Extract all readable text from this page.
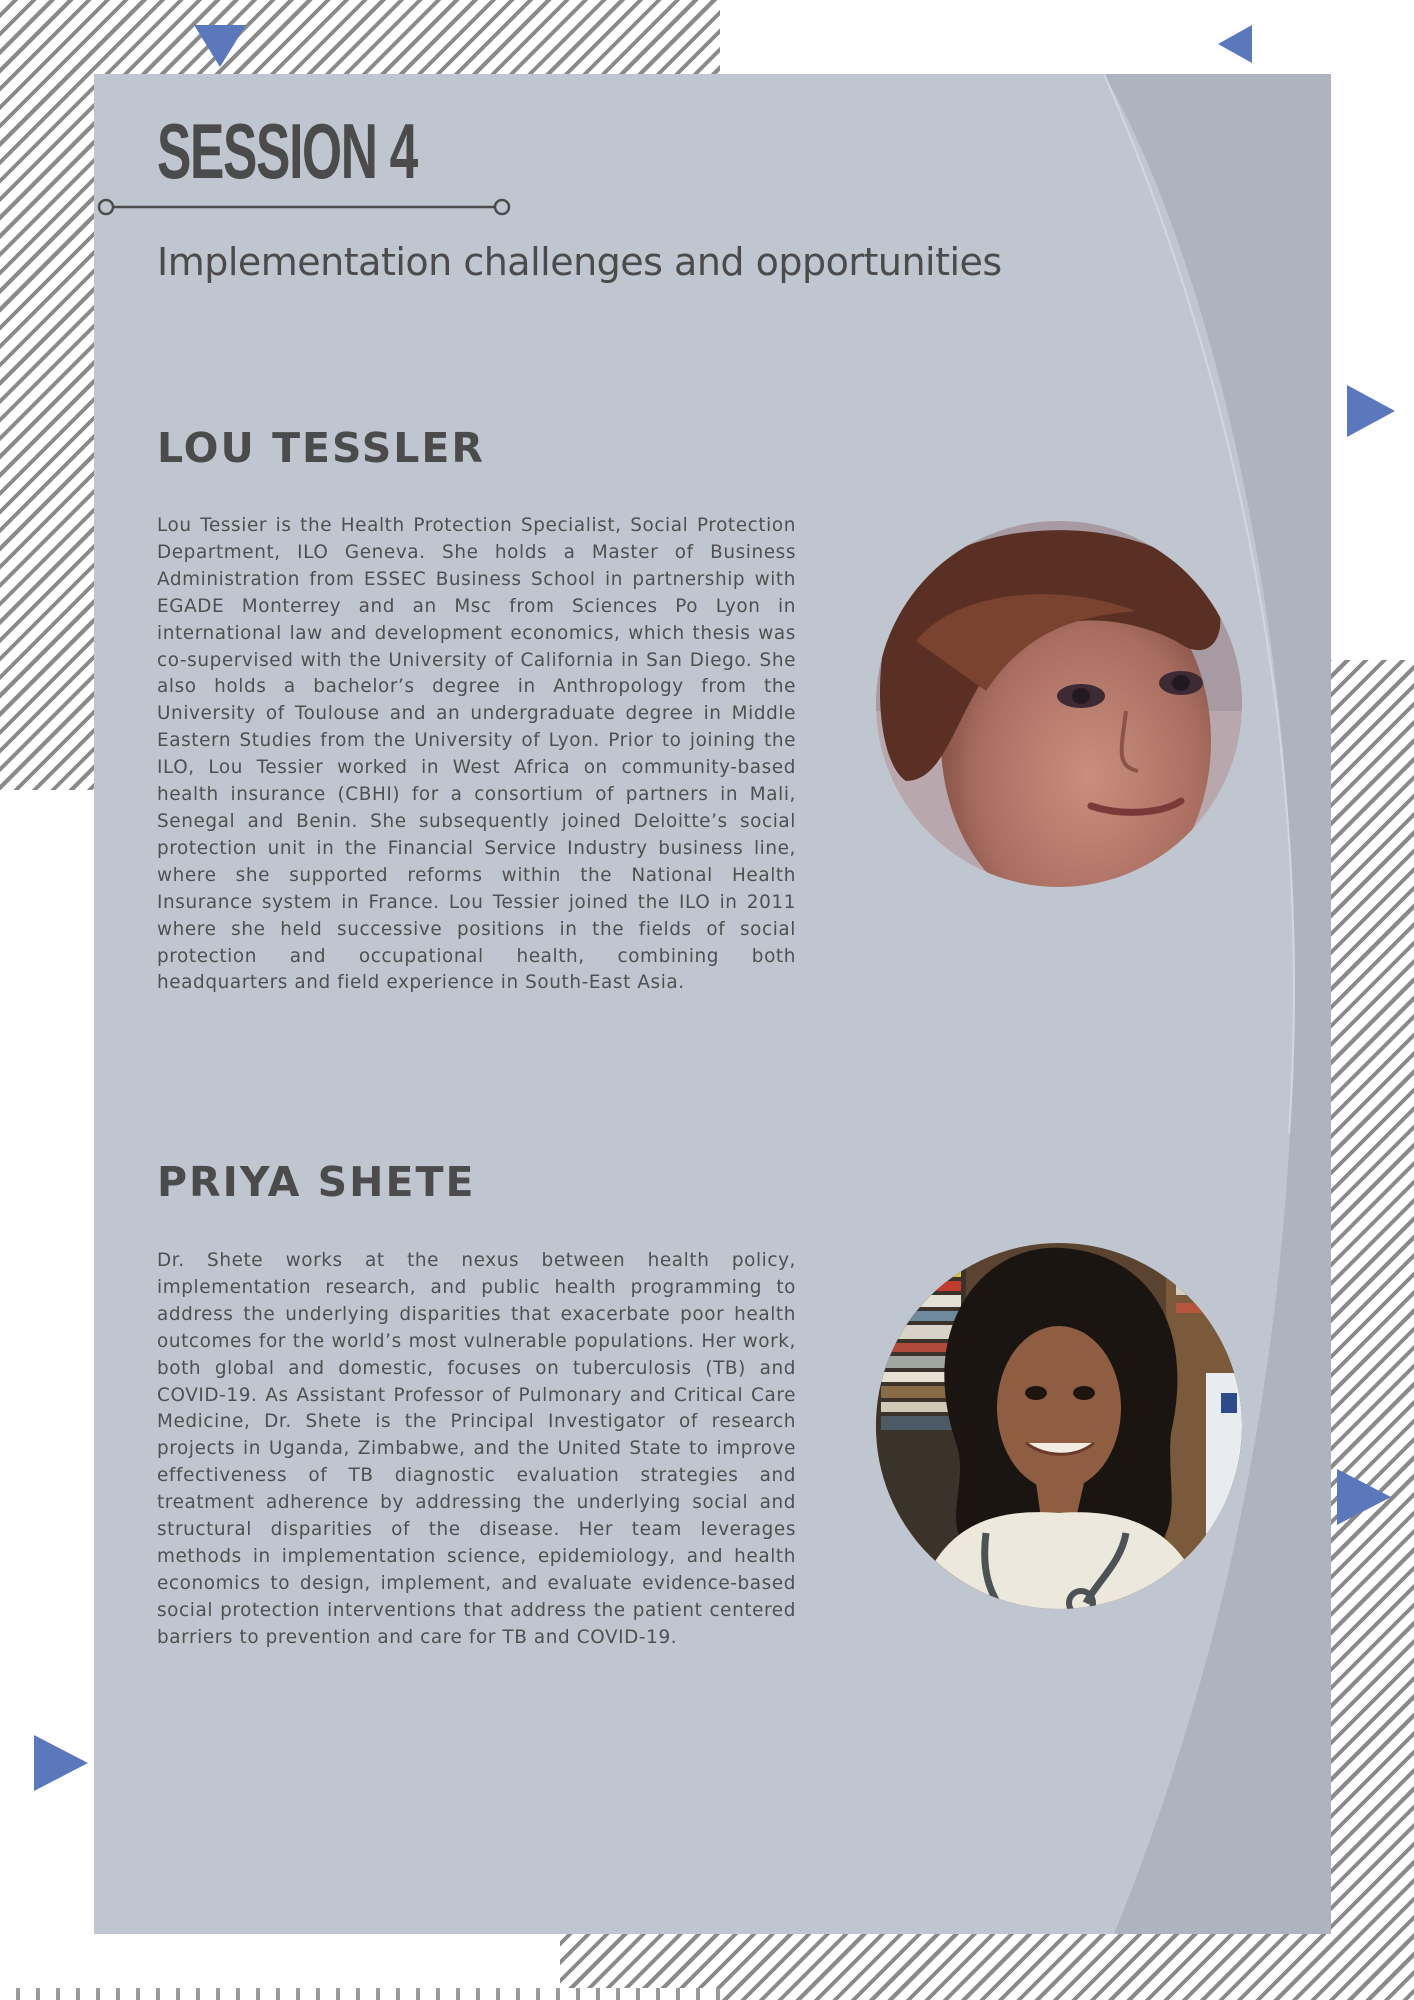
SESSION 4
Implementation challenges and opportunities
LOU TESSLER

Lou Tessier is the Health Protection Specialist, Social Protection Department, ILO Geneva. She holds a Master of Business Administration from ESSEC Business School in partnership with EGADE Monterrey and an Msc from Sciences Po Lyon in international law and development economics, which thesis was co-supervised with the University of California in San Diego. She also holds a bachelor’s degree in Anthropology from the University of Toulouse and an undergraduate degree in Middle Eastern Studies from the University of Lyon. Prior to joining the ILO, Lou Tessier worked in West Africa on community-based health insurance (CBHI) for a consortium of partners in Mali, Senegal and Benin. She subsequently joined Deloitte’s social protection unit in the Financial Service Industry business line, where she supported reforms within the National Health Insurance system in France. Lou Tessier joined the ILO in 2011 where she held successive positions in the fields of social protection and occupational health, combining both headquarters and field experience in South-East Asia.

PRIYA SHETE

Dr. Shete works at the nexus between health policy, implementation research, and public health programming to address the underlying disparities that exacerbate poor health outcomes for the world’s most vulnerable populations. Her work, both global and domestic, focuses on tuberculosis (TB) and COVID-19. As Assistant Professor of Pulmonary and Critical Care Medicine, Dr. Shete is the Principal Investigator of research projects in Uganda, Zimbabwe, and the United State to improve effectiveness of TB diagnostic evaluation strategies and treatment adherence by addressing the underlying social and structural disparities of the disease. Her team leverages methods in implementation science, epidemiology, and health economics to design, implement, and evaluate evidence-based social protection interventions that address the patient centered barriers to prevention and care for TB and COVID-19.
